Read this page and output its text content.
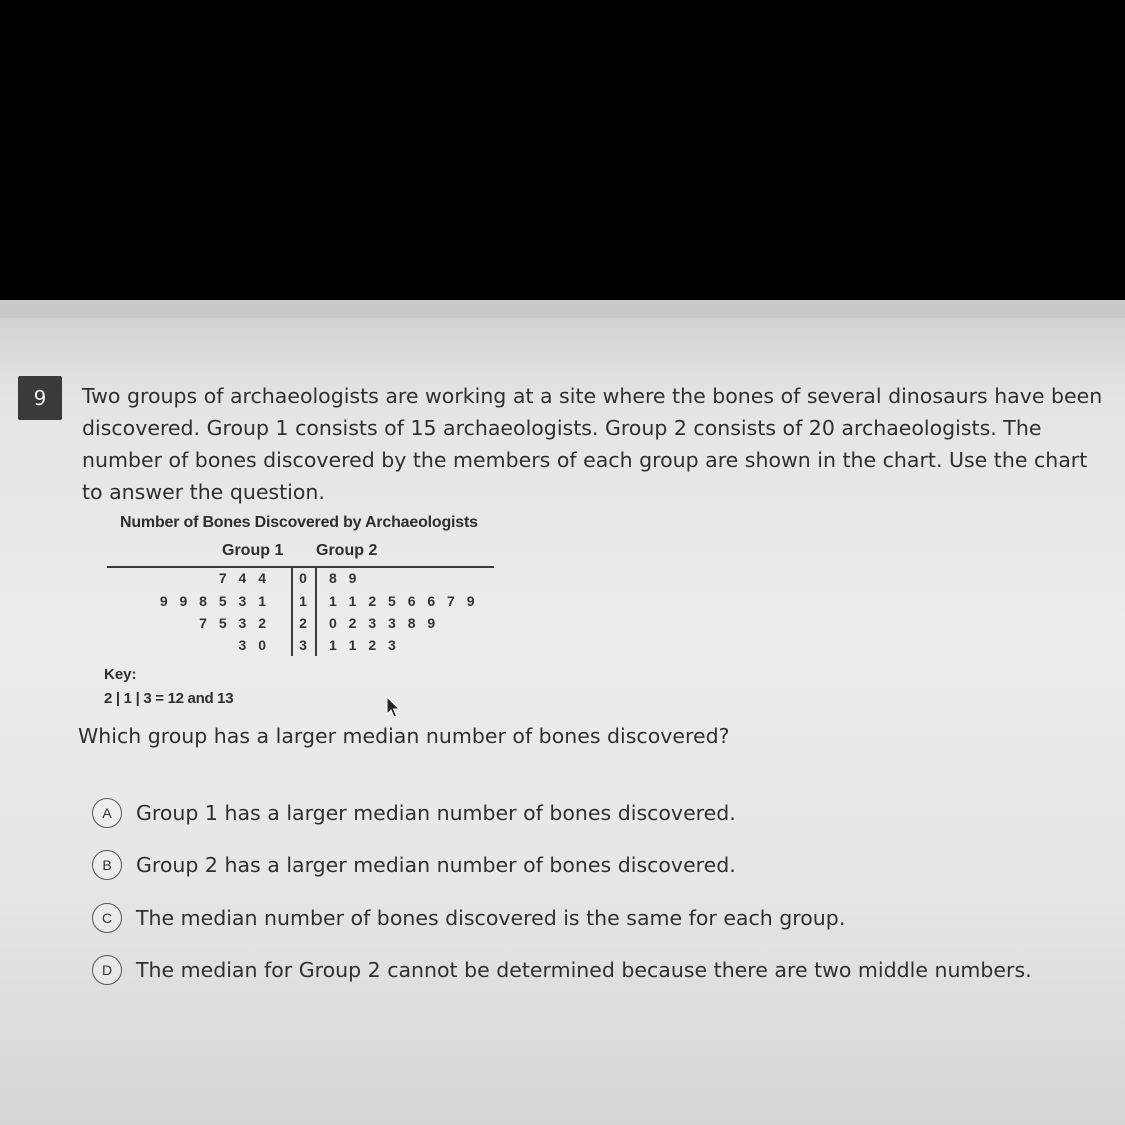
9	Two groups of archaeologists are working at a site where the bones of several dinosaurs have been discovered. Group 1 consists of 15 archaeologists. Group 2 consists of 20 archaeologists. The number of bones discovered by the members of each group are shown in the chart. Use the chart to answer the question.
Number of Bones Discovered by Archaeologists
Group 1 Group 2
7 4 4	0	8 9
9 9 8 5 3 1	1	1 1 2 5 6 6 7 9
7 5 3 2	2	0 2 3 3 8 9
3 0	3	1 1 2 3
Key:
2 | 1 | 3 = 12 and 13
Which group has a larger median number of bones discovered?
A	Group 1 has a larger median number of bones discovered.
B	Group 2 has a larger median number of bones discovered.
C	The median number of bones discovered is the same for each group.
D	The median for Group 2 cannot be determined because there are two middle numbers.
